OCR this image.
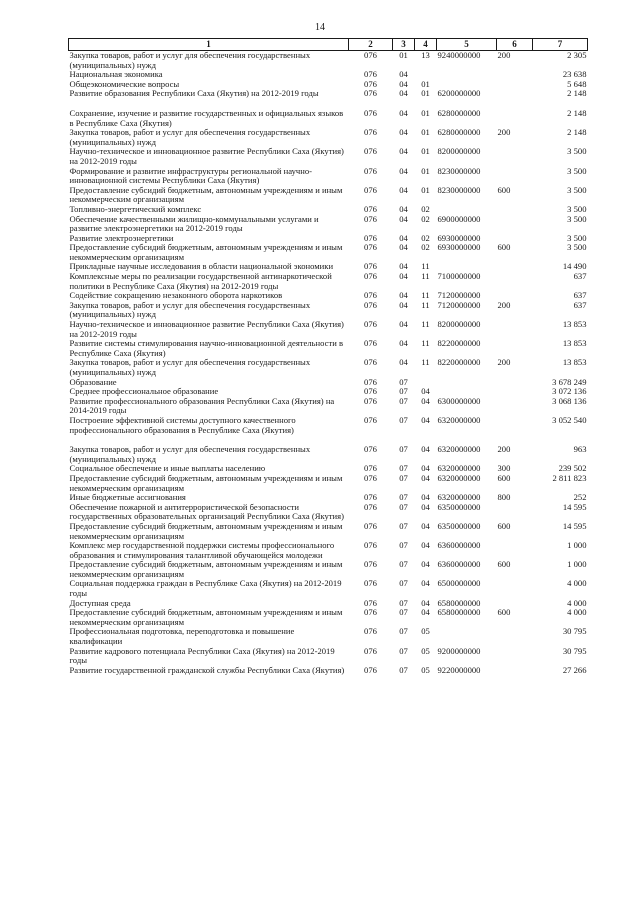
14
1	2	3	4	5	6	7
Закупка товаров, работ и услуг для обеспечения государственных (муниципальных) нужд	076	01	13	9240000000	200	2 305
Национальная экономика	076	04				23 638
Общеэкономические вопросы	076	04	01			5 648
Развитие образования Республики Саха (Якутия) на 2012-2019 годы	076	04	01	6200000000		2 148

Сохранение, изучение и развитие государственных и официальных языков в Республике Саха (Якутия)	076	04	01	6280000000		2 148
Закупка товаров, работ и услуг для обеспечения государственных (муниципальных) нужд	076	04	01	6280000000	200	2 148
Научно-техническое и инновационное развитие Республики Саха (Якутия) на 2012-2019 годы	076	04	01	8200000000		3 500
Формирование и развитие инфраструктуры региональной научно-инновационной системы Республики Саха (Якутия)	076	04	01	8230000000		3 500
Предоставление субсидий бюджетным, автономным учреждениям и иным некоммерческим организациям	076	04	01	8230000000	600	3 500
Топливно-энергетический комплекс	076	04	02			3 500
Обеспечение качественными жилищно-коммунальными услугами и развитие электроэнергетики на 2012-2019 годы	076	04	02	6900000000		3 500
Развитие электроэнергетики	076	04	02	6930000000		3 500
Предоставление субсидий бюджетным, автономным учреждениям и иным некоммерческим организациям	076	04	02	6930000000	600	3 500
Прикладные научные исследования в области национальной экономики	076	04	11			14 490
Комплексные меры по реализации государственной антинаркотической политики в Республике Саха (Якутия) на 2012-2019 годы	076	04	11	7100000000		637
Содействие сокращению незаконного оборота наркотиков	076	04	11	7120000000		637
Закупка товаров, работ и услуг для обеспечения государственных (муниципальных) нужд	076	04	11	7120000000	200	637
Научно-техническое и инновационное развитие Республики Саха (Якутия) на 2012-2019 годы	076	04	11	8200000000		13 853
Развитие системы стимулирования научно-инновационной деятельности в Республике Саха (Якутия)	076	04	11	8220000000		13 853
Закупка товаров, работ и услуг для обеспечения государственных (муниципальных) нужд	076	04	11	8220000000	200	13 853
Образование	076	07				3 678 249
Среднее профессиональное образование	076	07	04			3 072 136
Развитие профессионального образования Республики Саха (Якутия) на 2014-2019 годы	076	07	04	6300000000		3 068 136
Построение эффективной системы доступного качественного профессионального образования в Республике Саха (Якутия)	076	07	04	6320000000		3 052 540

Закупка товаров, работ и услуг для обеспечения государственных (муниципальных) нужд	076	07	04	6320000000	200	963
Социальное обеспечение и иные выплаты населению	076	07	04	6320000000	300	239 502
Предоставление субсидий бюджетным, автономным учреждениям и иным некоммерческим организациям	076	07	04	6320000000	600	2 811 823
Иные бюджетные ассигнования	076	07	04	6320000000	800	252
Обеспечение пожарной и антитеррористической безопасности государственных образовательных организаций Республики Саха (Якутия)	076	07	04	6350000000		14 595
Предоставление субсидий бюджетным, автономным учреждениям и иным некоммерческим организациям	076	07	04	6350000000	600	14 595
Комплекс мер государственной поддержки системы профессионального образования и стимулирования талантливой обучающейся молодежи	076	07	04	6360000000		1 000
Предоставление субсидий бюджетным, автономным учреждениям и иным некоммерческим организациям	076	07	04	6360000000	600	1 000
Социальная поддержка граждан в Республике Саха (Якутия) на 2012-2019 годы	076	07	04	6500000000		4 000
Доступная среда	076	07	04	6580000000		4 000
Предоставление субсидий бюджетным, автономным учреждениям и иным некоммерческим организациям	076	07	04	6580000000	600	4 000
Профессиональная подготовка, переподготовка и повышение квалификации	076	07	05			30 795
Развитие кадрового потенциала Республики Саха (Якутия) на 2012-2019 годы	076	07	05	9200000000		30 795
Развитие государственной гражданской службы Республики Саха (Якутия)	076	07	05	9220000000		27 266
